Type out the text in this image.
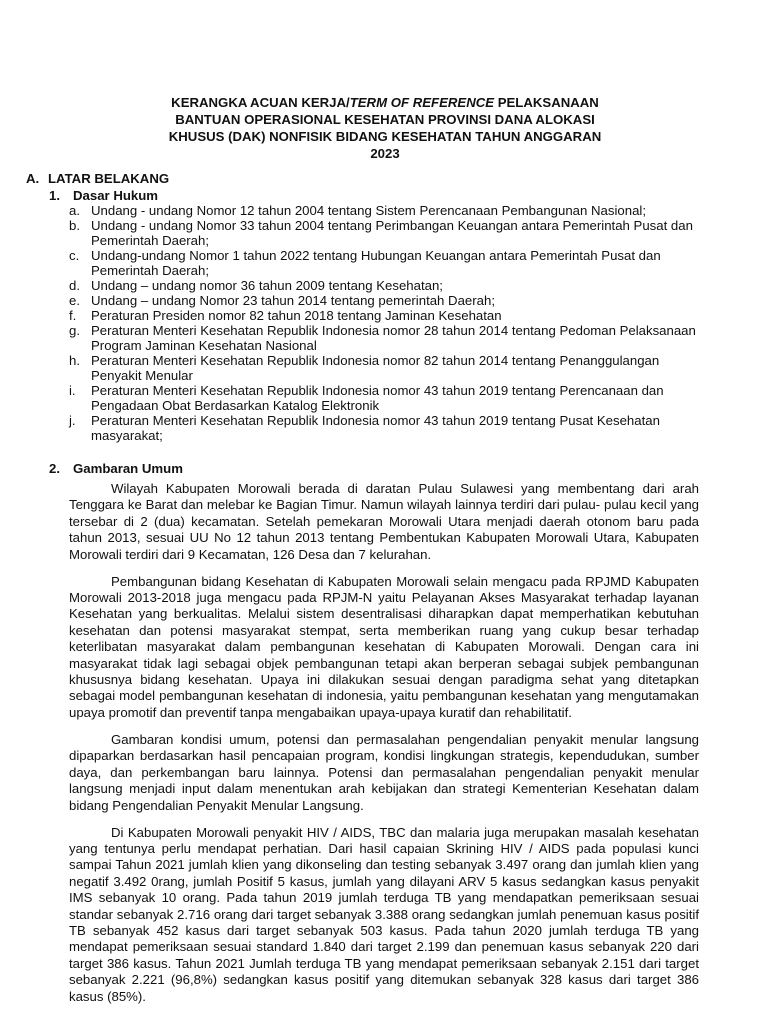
KERANGKA ACUAN KERJA/TERM OF REFERENCE PELAKSANAAN
BANTUAN OPERASIONAL KESEHATAN PROVINSI DANA ALOKASI
KHUSUS (DAK) NONFISIK BIDANG KESEHATAN TAHUN ANGGARAN
2023
A. LATAR BELAKANG
1. Dasar Hukum
a. Undang - undang Nomor 12 tahun 2004 tentang Sistem Perencanaan Pembangunan Nasional;
b. Undang - undang Nomor 33 tahun 2004 tentang Perimbangan Keuangan antara Pemerintah Pusat dan Pemerintah Daerah;
c. Undang-undang Nomor 1 tahun 2022 tentang Hubungan Keuangan antara Pemerintah Pusat dan Pemerintah Daerah;
d. Undang – undang nomor 36 tahun 2009 tentang Kesehatan;
e. Undang – undang Nomor 23 tahun 2014 tentang pemerintah Daerah;
f. Peraturan Presiden nomor 82 tahun 2018 tentang Jaminan Kesehatan
g. Peraturan Menteri Kesehatan Republik Indonesia nomor 28 tahun 2014 tentang Pedoman Pelaksanaan Program Jaminan Kesehatan Nasional
h. Peraturan Menteri Kesehatan Republik Indonesia nomor 82 tahun 2014 tentang Penanggulangan Penyakit Menular
i. Peraturan Menteri Kesehatan Republik Indonesia nomor 43 tahun 2019 tentang Perencanaan dan Pengadaan Obat Berdasarkan Katalog Elektronik
j. Peraturan Menteri Kesehatan Republik Indonesia nomor 43 tahun 2019 tentang Pusat Kesehatan masyarakat;
2. Gambaran Umum

Wilayah Kabupaten Morowali berada di daratan Pulau Sulawesi yang membentang dari arah Tenggara ke Barat dan melebar ke Bagian Timur. Namun wilayah lainnya terdiri dari pulau- pulau kecil yang tersebar di 2 (dua) kecamatan. Setelah pemekaran Morowali Utara menjadi daerah otonom baru pada tahun 2013, sesuai UU No 12 tahun 2013 tentang Pembentukan Kabupaten Morowali Utara, Kabupaten Morowali terdiri dari 9 Kecamatan, 126 Desa dan 7 kelurahan.

Pembangunan bidang Kesehatan di Kabupaten Morowali selain mengacu pada RPJMD Kabupaten Morowali 2013-2018 juga mengacu pada RPJM-N yaitu Pelayanan Akses Masyarakat terhadap layanan Kesehatan yang berkualitas. Melalui sistem desentralisasi diharapkan dapat memperhatikan kebutuhan kesehatan dan potensi masyarakat stempat, serta memberikan ruang yang cukup besar terhadap keterlibatan masyarakat dalam pembangunan kesehatan di Kabupaten Morowali. Dengan cara ini masyarakat tidak lagi sebagai objek pembangunan tetapi akan berperan sebagai subjek pembangunan khususnya bidang kesehatan. Upaya ini dilakukan sesuai dengan paradigma sehat yang ditetapkan sebagai model pembangunan kesehatan di indonesia, yaitu pembangunan kesehatan yang mengutamakan upaya promotif dan preventif tanpa mengabaikan upaya-upaya kuratif dan rehabilitatif.

Gambaran kondisi umum, potensi dan permasalahan pengendalian penyakit menular langsung dipaparkan berdasarkan hasil pencapaian program, kondisi lingkungan strategis, kependudukan, sumber daya, dan perkembangan baru lainnya. Potensi dan permasalahan pengendalian penyakit menular langsung menjadi input dalam menentukan arah kebijakan dan strategi Kementerian Kesehatan dalam bidang Pengendalian Penyakit Menular Langsung.

Di Kabupaten Morowali penyakit HIV / AIDS, TBC dan malaria juga merupakan masalah kesehatan yang tentunya perlu mendapat perhatian. Dari hasil capaian Skrining HIV / AIDS pada populasi kunci sampai Tahun 2021 jumlah klien yang dikonseling dan testing sebanyak 3.497 orang dan jumlah klien yang negatif 3.492 0rang, jumlah Positif 5 kasus, jumlah yang dilayani ARV 5 kasus sedangkan kasus penyakit IMS sebanyak 10 orang. Pada tahun 2019 jumlah terduga TB yang mendapatkan pemeriksaan sesuai standar sebanyak 2.716 orang dari target sebanyak 3.388 orang sedangkan jumlah penemuan kasus positif TB sebanyak 452 kasus dari target sebanyak 503 kasus. Pada tahun 2020 jumlah terduga TB yang mendapat pemeriksaan sesuai standard 1.840 dari target 2.199 dan penemuan kasus sebanyak 220 dari target 386 kasus. Tahun 2021 Jumlah terduga TB yang mendapat pemeriksaan sebanyak 2.151 dari target sebanyak 2.221 (96,8%) sedangkan kasus positif yang ditemukan sebanyak 328 kasus dari target 386 kasus (85%).
